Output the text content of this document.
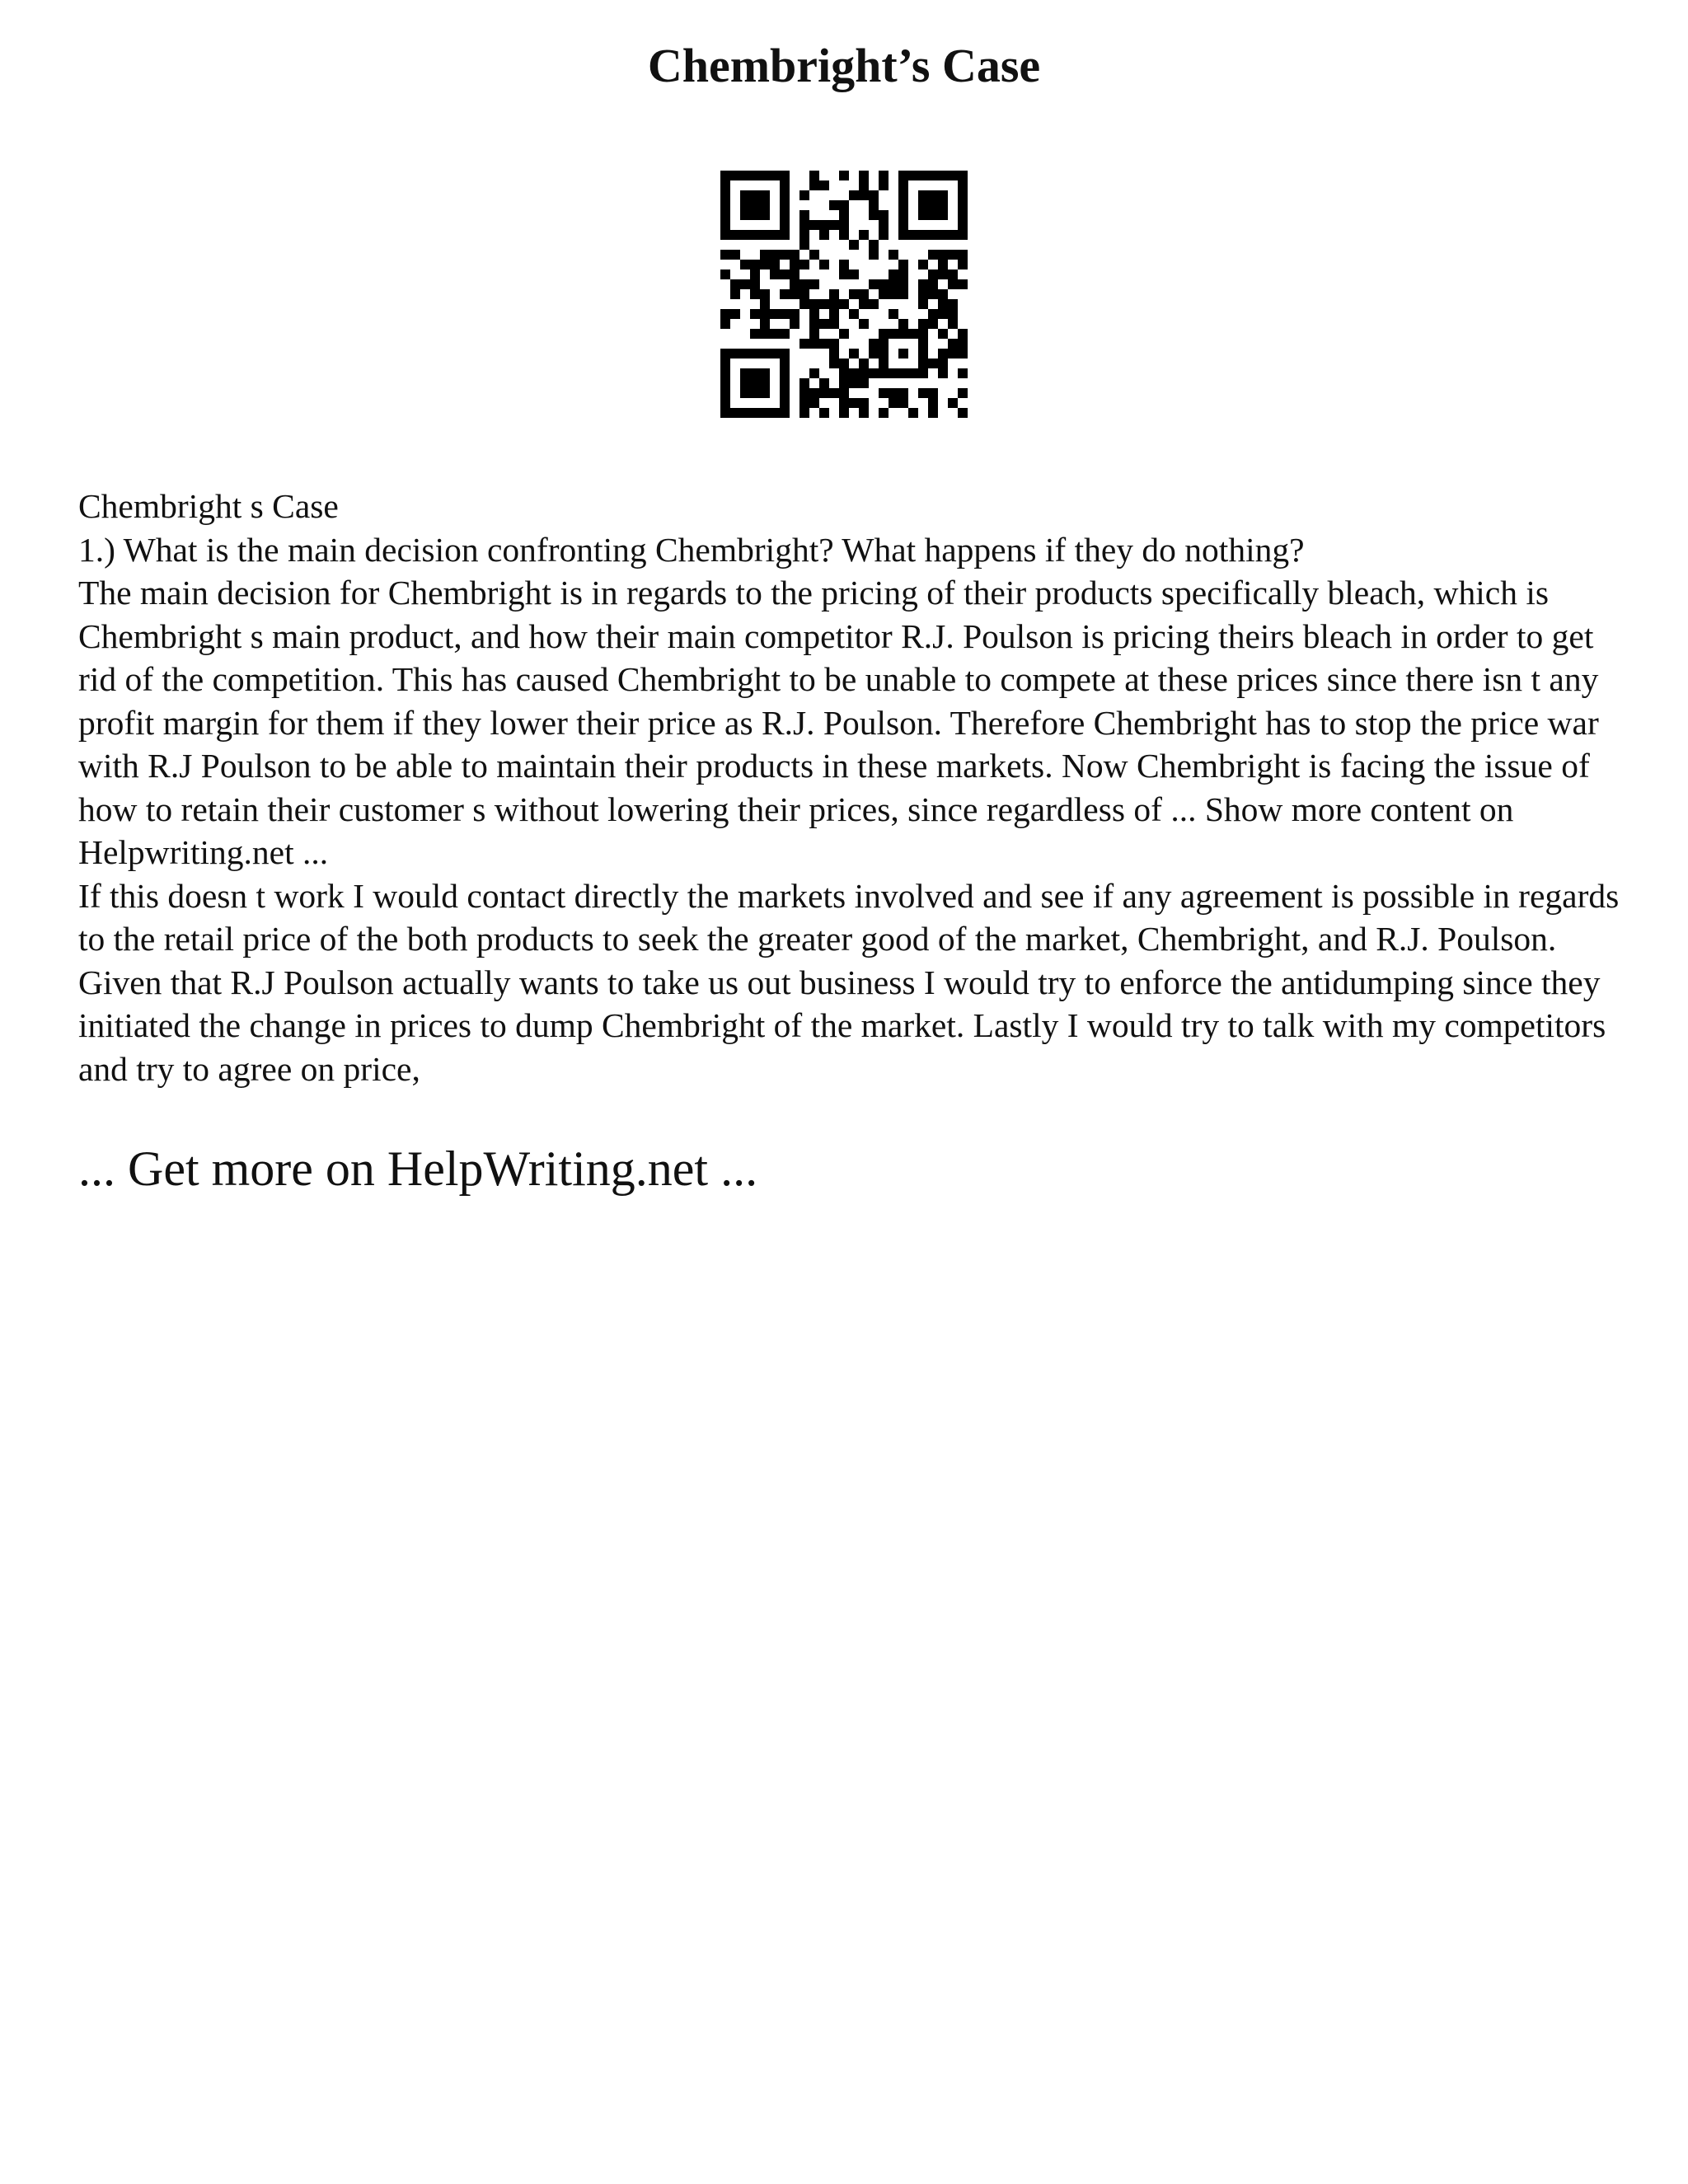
Chembright’s Case

Chembright s Case

1.) What is the main decision confronting Chembright? What happens if they do nothing?

The main decision for Chembright is in regards to the pricing of their products specifically bleach, which is Chembright s main product, and how their main competitor R.J. Poulson is pricing theirs bleach in order to get rid of the competition. This has caused Chembright to be unable to compete at these prices since there isn t any profit margin for them if they lower their price as R.J. Poulson. Therefore Chembright has to stop the price war with R.J Poulson to be able to maintain their products in these markets. Now Chembright is facing the issue of how to retain their customer s without lowering their prices, since regardless of ... Show more content on Helpwriting.net ...

If this doesn t work I would contact directly the markets involved and see if any agreement is possible in regards to the retail price of the both products to seek the greater good of the market, Chembright, and R.J. Poulson. Given that R.J Poulson actually wants to take us out business I would try to enforce the antidumping since they initiated the change in prices to dump Chembright of the market. Lastly I would try to talk with my competitors and try to agree on price,

... Get more on HelpWriting.net ...
